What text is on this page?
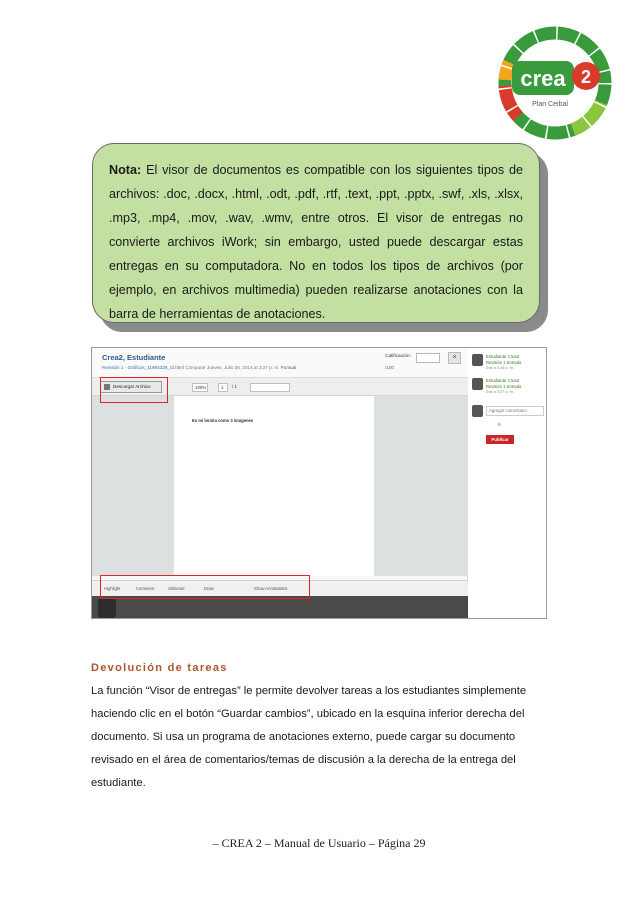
crea 2
Plan Ceibal

Nota: El visor de documentos es compatible con los siguientes tipos de archivos: .doc, .docx, .html, .odt, .pdf, .rtf, .text, .ppt, .pptx, .swf, .xls, .xlsx, .mp3, .mp4, .mov, .wav, .wmv, entre otros. El visor de entregas no convierte archivos iWork; sin embargo, usted puede descargar estas entregas en su computadora. No en todos los tipos de archivos (por ejemplo, en archivos multimedia) pueden realizarse anotaciones con la barra de herramientas de anotaciones.

Crea2, Estudiante
Revisión 1 · Gráficos_11894329_r2.html Comparar Jueves, Julio 26, 2014 at 3:27 p. m. Puntual
Calificación:
/100
×
Descargar Archivo	100%	1	/ 1
Es mi bonita como 3 imágenes
Highlight	Comment	Strikeout	Draw	Show Annotations
Estudiante Crea2
Revisión 1 Entrada
Ene a 3:26 p. m.
Estudiante Crea2
Revisión 1 Entrada
Ene a 3:27 p. m.
Agregar comentario
⊕
Publicar
Devolución de tareas

La función “Visor de entregas” le permite devolver tareas a los estudiantes simplemente

haciendo clic en el botón “Guardar cambios”, ubicado en la esquina inferior derecha del

documento. Si usa un programa de anotaciones externo, puede cargar su documento

revisado en el área de comentarios/temas de discusión a la derecha de la entrega del

estudiante.

– CREA 2 – Manual de Usuario – Página 29
